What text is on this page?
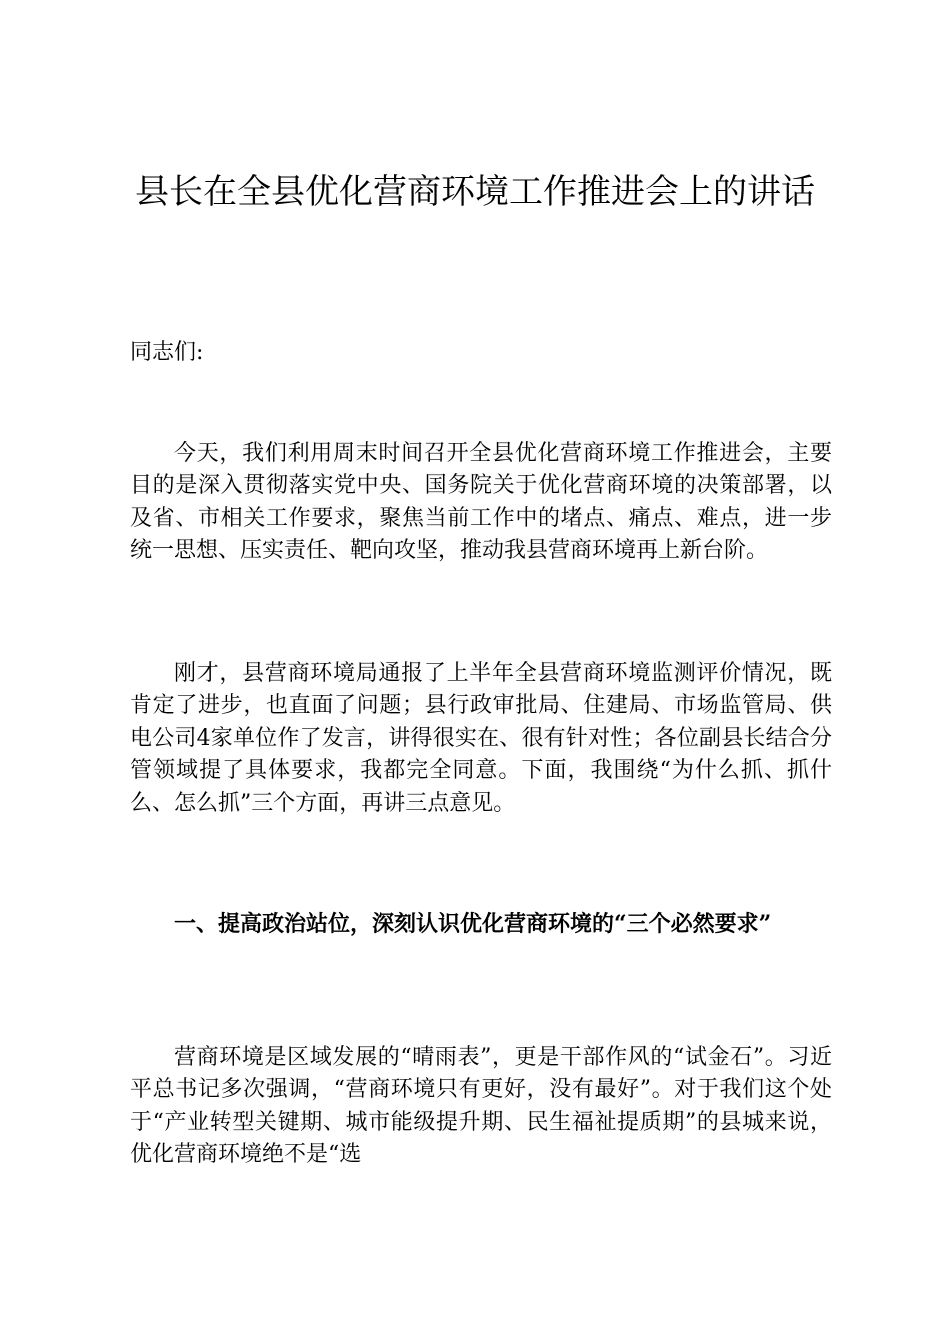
县长在全县优化营商环境工作推进会上的讲话

同志们:

今天，我们利用周末时间召开全县优化营商环境工作推进会，主要目的是深入贯彻落实党中央、国务院关于优化营商环境的决策部署，以及省、市相关工作要求，聚焦当前工作中的堵点、痛点、难点，进一步统一思想、压实责任、靶向攻坚，推动我县营商环境再上新台阶。

刚才，县营商环境局通报了上半年全县营商环境监测评价情况，既肯定了进步，也直面了问题；县行政审批局、住建局、市场监管局、供电公司4家单位作了发言，讲得很实在、很有针对性；各位副县长结合分管领域提了具体要求，我都完全同意。下面，我围绕“为什么抓、抓什么、怎么抓”三个方面，再讲三点意见。

一、提高政治站位，深刻认识优化营商环境的“三个必然要求”

营商环境是区域发展的“晴雨表”，更是干部作风的“试金石”。习近平总书记多次强调，“营商环境只有更好，没有最好”。对于我们这个处于“产业转型关键期、城市能级提升期、民生福祉提质期”的县城来说，优化营商环境绝不是“选
